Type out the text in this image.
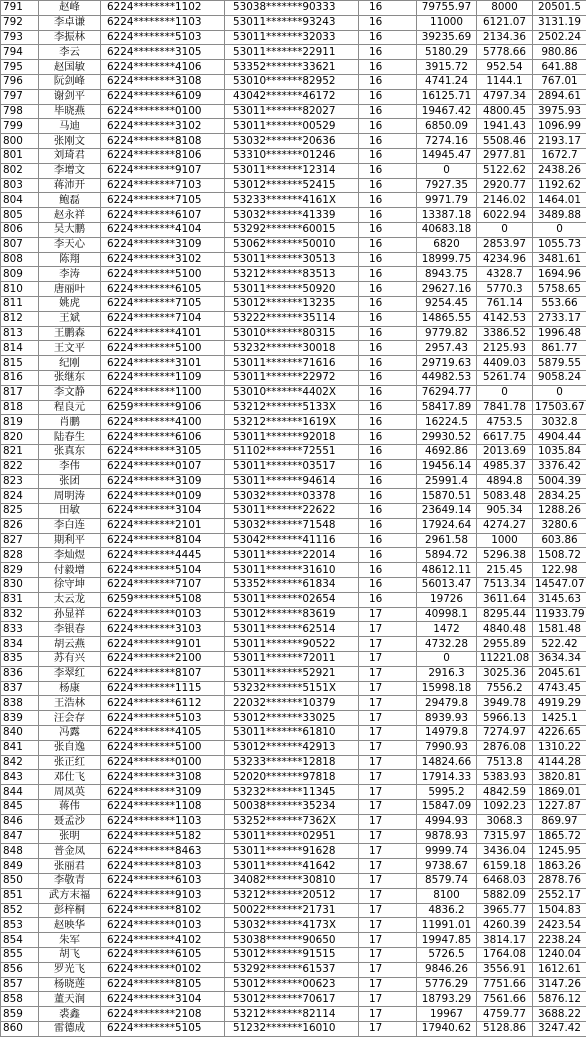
791	赵峰	6224********1102	53038*******90333	16	79755.97	8000	20501.5
792	李卓谦	6224********1103	53011*******93243	16	11000	6121.07	3131.19
793	李振林	6224********5103	53011*******32033	16	39235.69	2134.36	2502.24
794	李云	6224********3105	53011*******22911	16	5180.29	5778.66	980.86
795	赵国敏	6224********4106	53352*******33621	16	3915.72	952.54	641.88
796	阮剑峰	6224********3108	53010*******82952	16	4741.24	1144.1	767.01
797	谢剑平	6224********6109	43042*******46172	16	16125.71	4797.34	2894.61
798	毕晓燕	6224********0100	53011*******82027	16	19467.42	4800.45	3975.93
799	马迪	6224********3102	53011*******00529	16	6850.09	1941.43	1096.99
800	张刚文	6224********8108	53032*******20636	16	7274.16	5508.46	2193.17
801	刘琦君	6224********8106	53310*******01246	16	14945.47	2977.81	1672.7
802	李增文	6224********9107	53011*******12314	16	0	5122.62	2438.26
803	蒋沛开	6224********7103	53012*******52415	16	7927.35	2920.77	1192.62
804	鲍磊	6224********7105	53233*******4161X	16	9971.79	2146.02	1464.01
805	赵永祥	6224********6107	53032*******41339	16	13387.18	6022.94	3489.88
806	吴大鹏	6224********4104	53292*******60015	16	40683.18	0	0
807	李天心	6224********3109	53062*******50010	16	6820	2853.97	1055.73
808	陈翔	6224********3102	53011*******30513	16	18999.75	4234.96	3481.61
809	李涛	6224********5100	53212*******83513	16	8943.75	4328.7	1694.96
810	唐丽叶	6224********6105	53011*******50920	16	29627.16	5770.3	5758.65
811	姚虎	6224********7105	53012*******13235	16	9254.45	761.14	553.66
812	王斌	6224********7104	53222*******35114	16	14865.55	4142.53	2733.17
813	王鹏森	6224********4101	53010*******80315	16	9779.82	3386.52	1996.48
814	王文平	6224********5100	53232*******30018	16	2957.43	2125.93	861.77
815	纪刚	6224********3101	53011*******71616	16	29719.63	4409.03	5879.55
816	张继东	6224********1109	53011*******22972	16	44982.53	5261.74	9058.24
817	李文静	6224********1100	53010*******4402X	16	76294.77	0	0
818	程良元	6259********9106	53212*******5133X	16	58417.89	7841.78	17503.67
819	肖鹏	6224********4100	53212*******1619X	16	16224.5	4753.5	3032.8
820	陆春生	6224********6106	53011*******92018	16	29930.52	6617.75	4904.44
821	张真东	6224********3105	51102*******72551	16	4692.86	2013.69	1035.84
822	李伟	6224********0107	53011*******03517	16	19456.14	4985.37	3376.42
823	张团	6224********3109	53011*******94614	16	25991.4	4894.8	5004.39
824	周明涛	6224********0109	53032*******03378	16	15870.51	5083.48	2834.25
825	田敏	6224********3104	53011*******22622	16	23649.14	905.34	1288.26
826	李白连	6224********2101	53032*******71548	16	17924.64	4274.27	3280.6
827	期利平	6224********8104	53042*******41116	16	2961.58	1000	603.86
828	李灿煜	6224********4445	53011*******22014	16	5894.72	5296.38	1508.72
829	付毅增	6224********5104	53011*******31610	16	48612.11	215.45	122.98
830	徐守坤	6224********7107	53352*******61834	16	56013.47	7513.34	14547.07
831	太云龙	6259********5108	53011*******02654	16	19726	3611.64	3145.63
832	孙显祥	6224********0103	53012*******83619	17	40998.1	8295.44	11933.79
833	李银春	6224********3103	53011*******62514	17	1472	4840.48	1581.48
834	胡云燕	6224********9101	53011*******90522	17	4732.28	2955.89	522.42
835	苏有兴	6224********2100	53011*******72011	17	0	11221.08	3634.34
836	李翠红	6224********8107	53011*******52921	17	2916.3	3025.36	2045.61
837	杨康	6224********1115	53232*******5151X	17	15998.18	7556.2	4743.45
838	王浩林	6224********6112	22032*******10379	17	29479.8	3949.78	4919.29
839	汪会存	6224********5103	53012*******33025	17	8939.93	5966.13	1425.1
840	冯露	6224********4105	53011*******61810	17	14979.8	7274.97	4226.65
841	张自逸	6224********5100	53012*******42913	17	7990.93	2876.08	1310.22
842	张正红	6224********0100	53233*******12818	17	14824.66	7513.8	4144.28
843	邓仕飞	6224********3108	52020*******97818	17	17914.33	5383.93	3820.81
844	周凤英	6224********3109	53232*******11345	17	5995.2	4842.59	1869.01
845	蒋伟	6224********1108	50038*******35234	17	15847.09	1092.23	1227.87
846	聂孟沙	6224********1103	53252*******7362X	17	4994.93	3068.3	869.97
847	张明	6224********5182	53011*******02951	17	9878.93	7315.97	1865.72
848	普金凤	6224********8463	53011*******91628	17	9999.74	3436.04	1245.95
849	张丽君	6224********8103	53011*******41642	17	9738.67	6159.18	1863.26
850	李敬青	6224********6103	34082*******30810	17	8579.74	6468.03	2878.76
851	武方末福	6224********9103	53212*******20512	17	8100	5882.09	2552.17
852	彭梓桐	6224********8102	50022*******21731	17	4836.2	3965.77	1504.83
853	赵映华	6224********0103	53032*******4173X	17	11991.01	4260.39	2423.54
854	朱军	6224********4102	53038*******90650	17	19947.85	3814.17	2238.24
855	胡飞	6224********6105	53012*******91515	17	5726.5	1764.08	1240.04
856	罗光飞	6224********0102	53292*******61537	17	9846.26	3556.91	1612.61
857	杨晓莲	6224********8105	53012*******00623	17	5776.29	7751.66	3147.26
858	董天润	6224********3104	53012*******70617	17	18793.29	7561.66	5876.12
859	裘鑫	6224********2108	53212*******82114	17	19967	4759.77	3688.22
860	雷德成	6224********5105	51232*******16010	17	17940.62	5128.86	3247.42
